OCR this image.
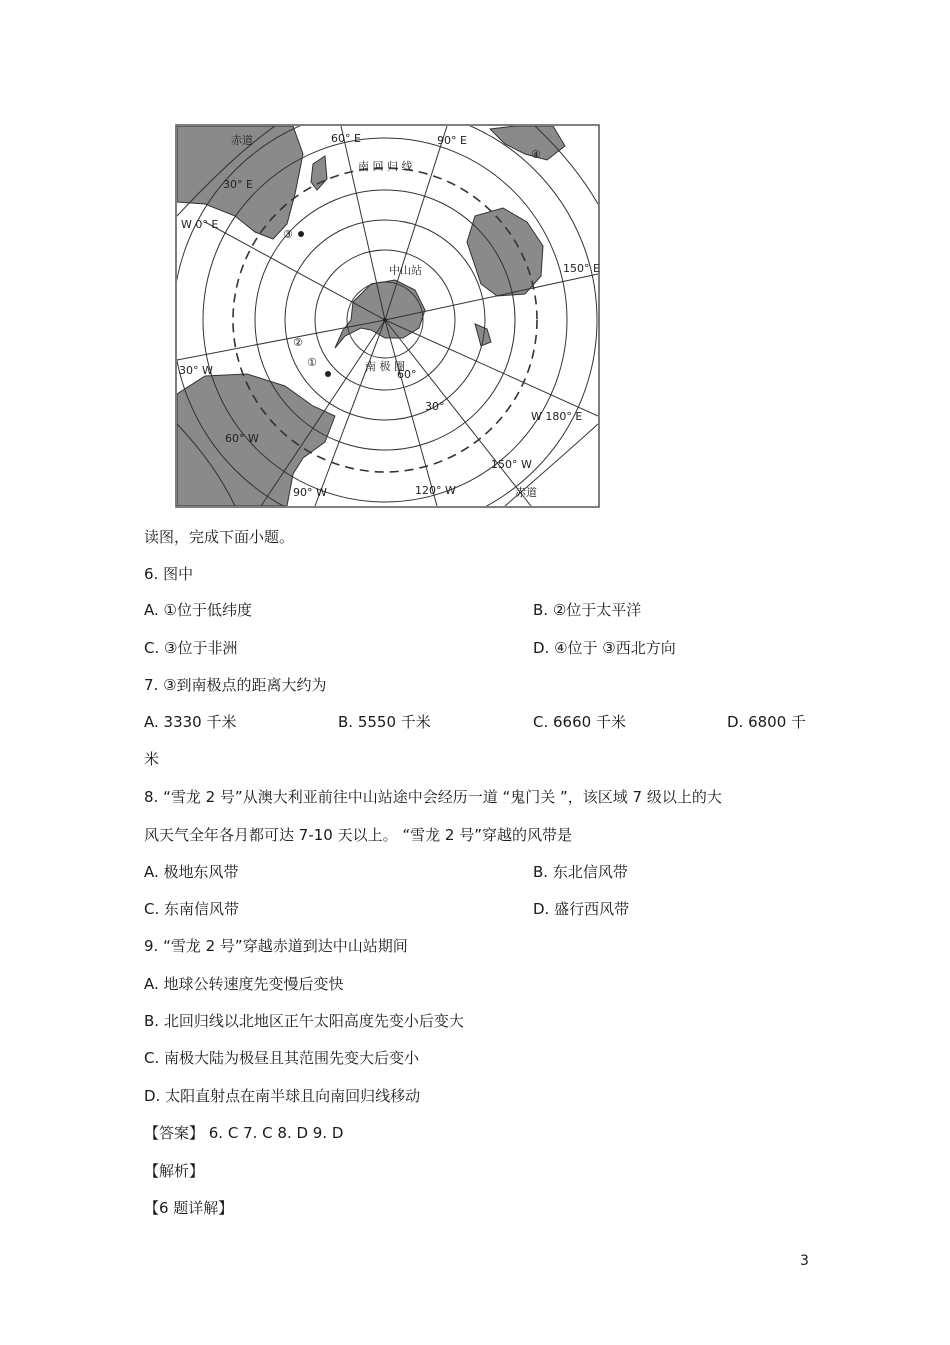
南 回 归 线
南 极 圈
60° E	90° E
30° E
W 0° E
150° E
W 180° E
30° W
60° W
90° W	120° W
150° W
30°
60°
赤道
赤道
中山站
①
②
③
④
读图，完成下面小题。
6. 图中
A. ①位于低纬度	B. ②位于太平洋
C. ③位于非洲	D. ④位于 ③西北方向
7. ③到南极点的距离大约为
A. 3330 千米	B. 5550 千米	C. 6660 千米	D. 6800 千
米
8. “雪龙 2 号”从澳大利亚前往中山站途中会经历一道 “鬼门关 ”，该区域 7 级以上的大
风天气全年各月都可达 7-10 天以上。 “雪龙 2 号”穿越的风带是
A. 极地东风带	B. 东北信风带
C. 东南信风带	D. 盛行西风带
9. “雪龙 2 号”穿越赤道到达中山站期间
A. 地球公转速度先变慢后变快
B. 北回归线以北地区正午太阳高度先变小后变大
C. 南极大陆为极昼且其范围先变大后变小
D. 太阳直射点在南半球且向南回归线移动
【答案】 6. C 7. C 8. D 9. D
【解析】
【6 题详解】
3
